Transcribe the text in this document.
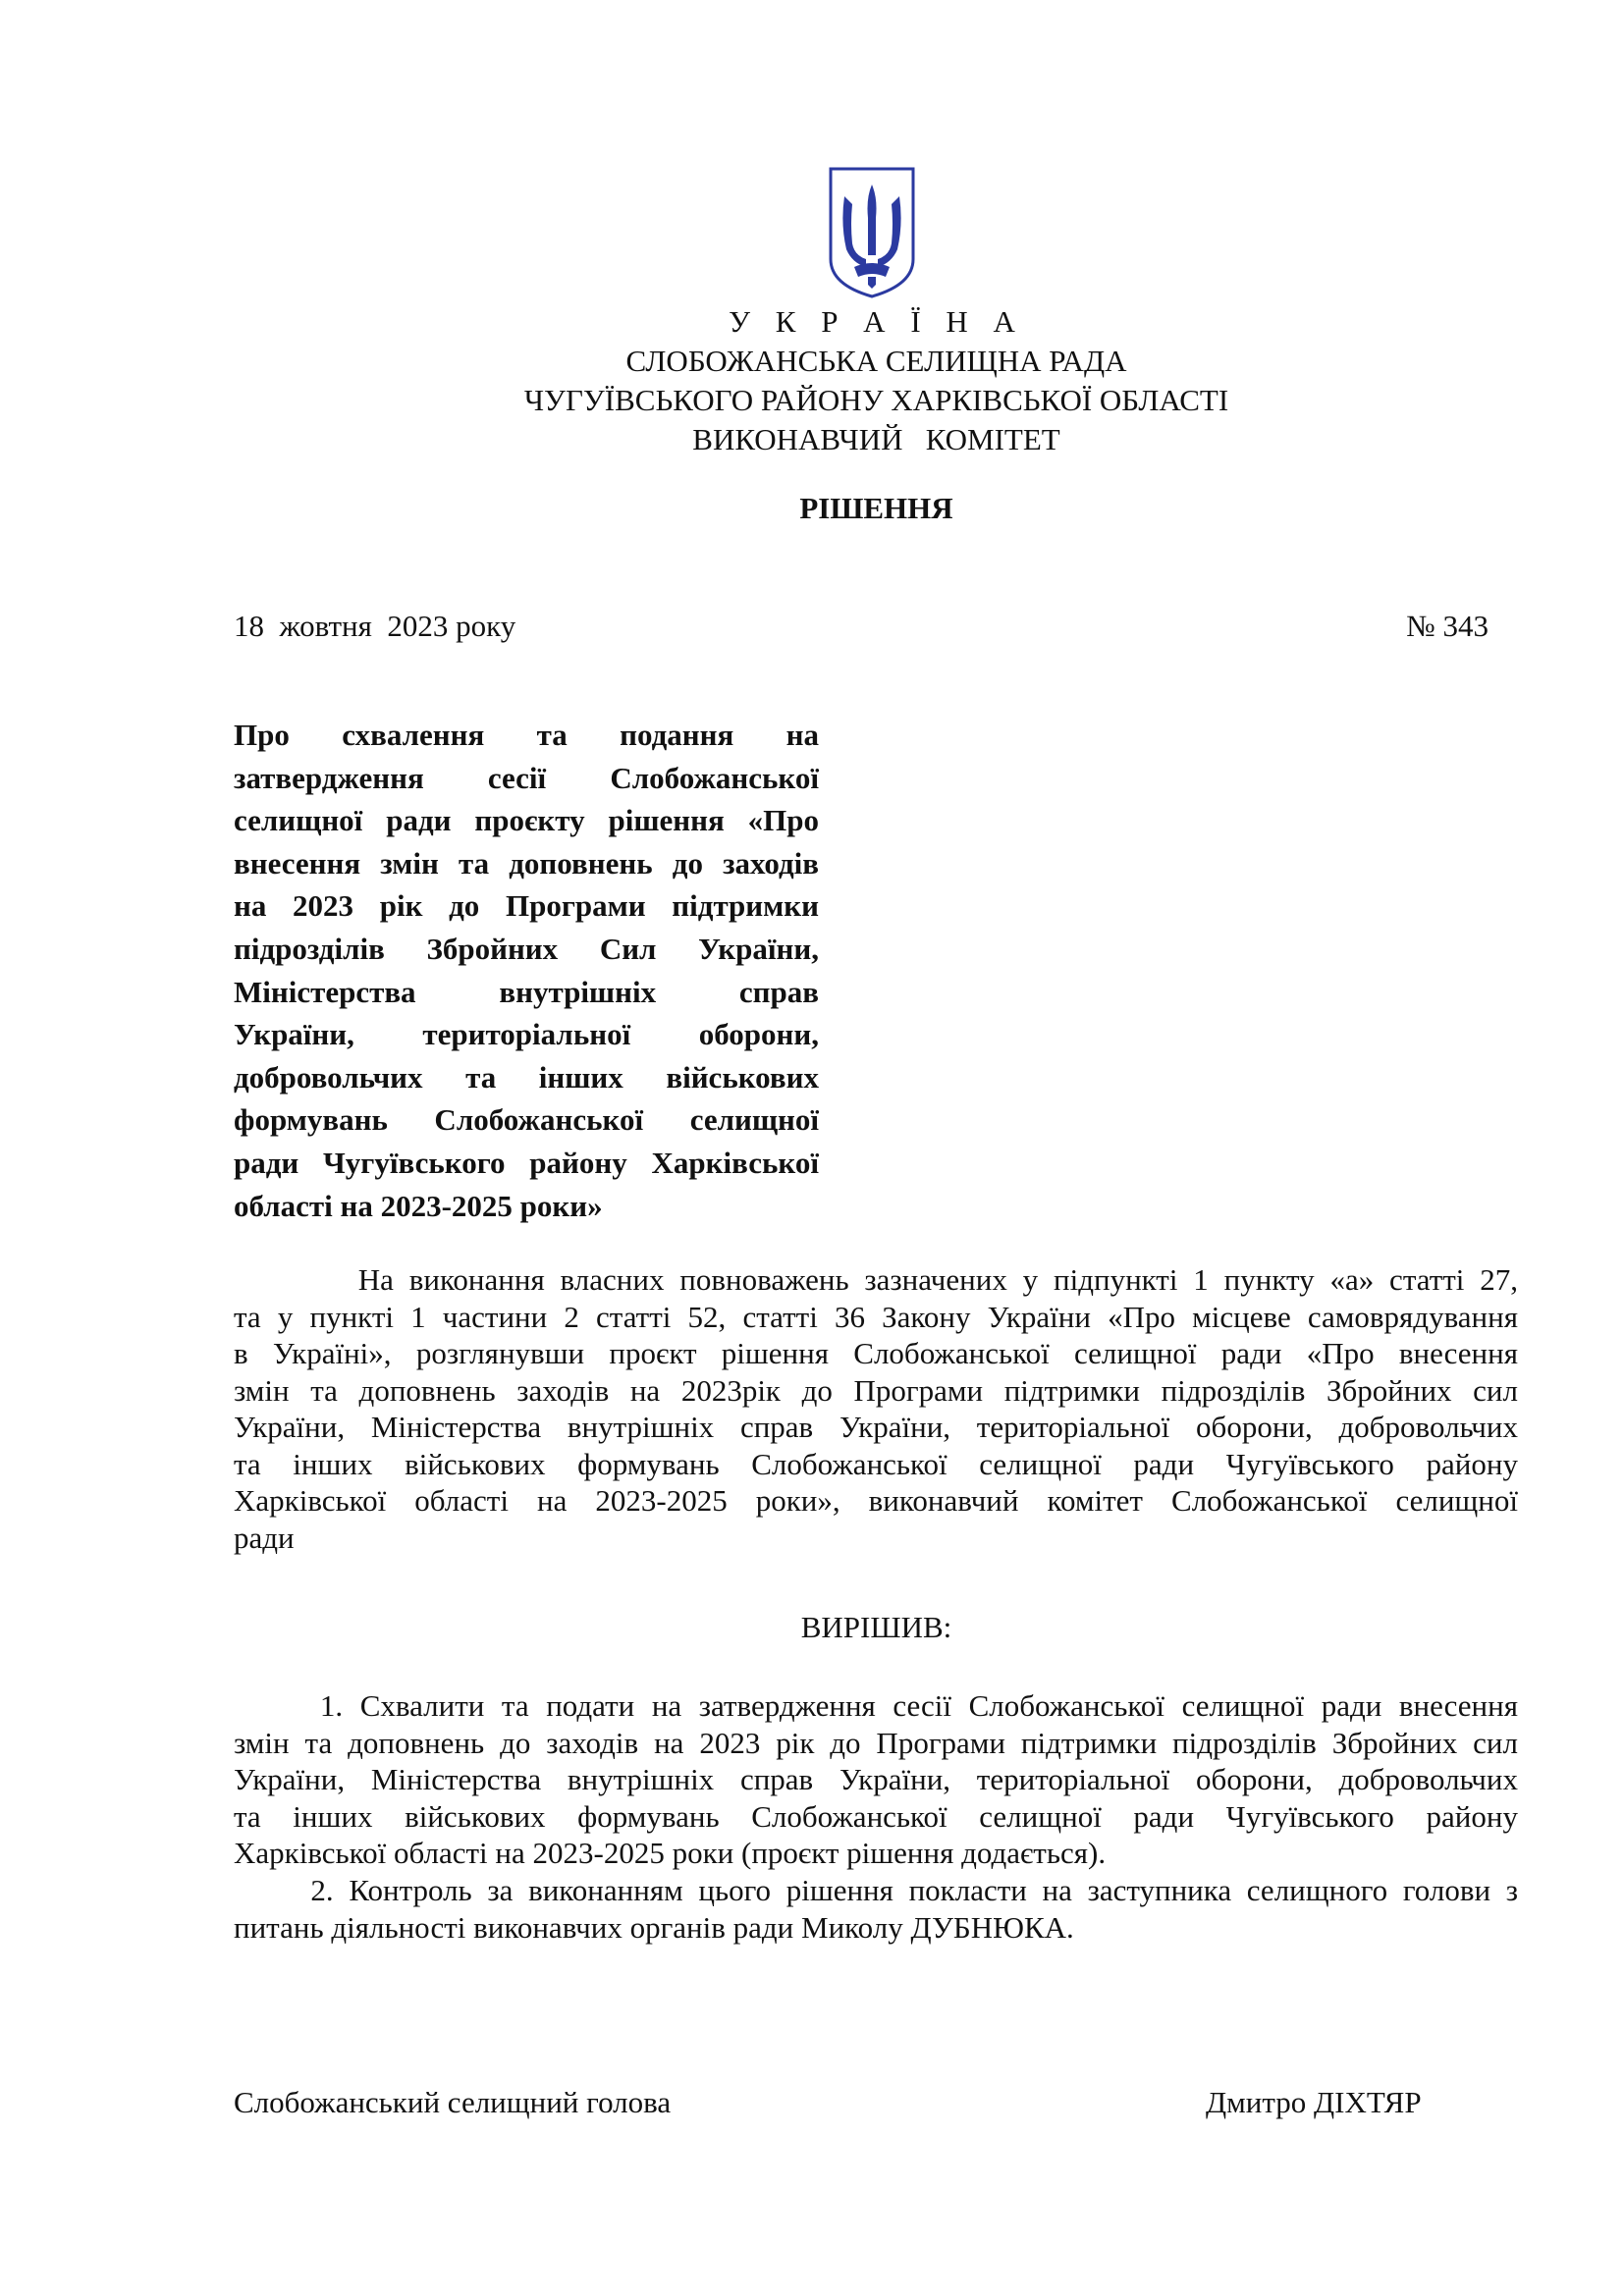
У К Р А Ї Н А
СЛОБОЖАНСЬКА СЕЛИЩНА РАДА
ЧУГУЇВСЬКОГО РАЙОНУ ХАРКІВСЬКОЇ ОБЛАСТІ
ВИКОНАВЧИЙ   КОМІТЕТ
РІШЕННЯ
18  жовтня  2023 року	№ 343
Про схвалення та подання на
затвердження сесії Слобожанської
селищної ради проєкту рішення «Про
внесення змін та доповнень до заходів
на 2023 рік до Програми підтримки
підрозділів Збройних Сил України,
Міністерства внутрішніх справ
України, територіальної оборони,
добровольчих та інших військових
формувань Слобожанської селищної
ради Чугуївського району Харківської
області на 2023-2025 роки»
На виконання власних повноважень зазначених у підпункті 1 пункту «а» статті 27,
та у пункті 1 частини 2 статті 52, статті 36 Закону України «Про місцеве самоврядування
в Україні», розглянувши проєкт рішення Слобожанської селищної ради «Про внесення
змін та доповнень заходів на 2023рік до Програми підтримки підрозділів Збройних сил
України, Міністерства внутрішніх справ України, територіальної оборони, добровольчих
та інших військових формувань Слобожанської селищної ради Чугуївського району
Харківської області на 2023-2025 роки», виконавчий комітет Слобожанської селищної
ради
ВИРІШИВ:
1. Схвалити та подати на затвердження сесії Слобожанської селищної ради внесення
змін та доповнень до заходів на 2023 рік до Програми підтримки підрозділів Збройних сил
України, Міністерства внутрішніх справ України, територіальної оборони, добровольчих
та інших військових формувань Слобожанської селищної ради Чугуївського району
Харківської області на 2023-2025 роки (проєкт рішення додається).
2. Контроль за виконанням цього рішення покласти на заступника селищного голови з
питань діяльності виконавчих органів ради Миколу ДУБНЮКА.
Слобожанський селищний голова	Дмитро ДІХТЯР
